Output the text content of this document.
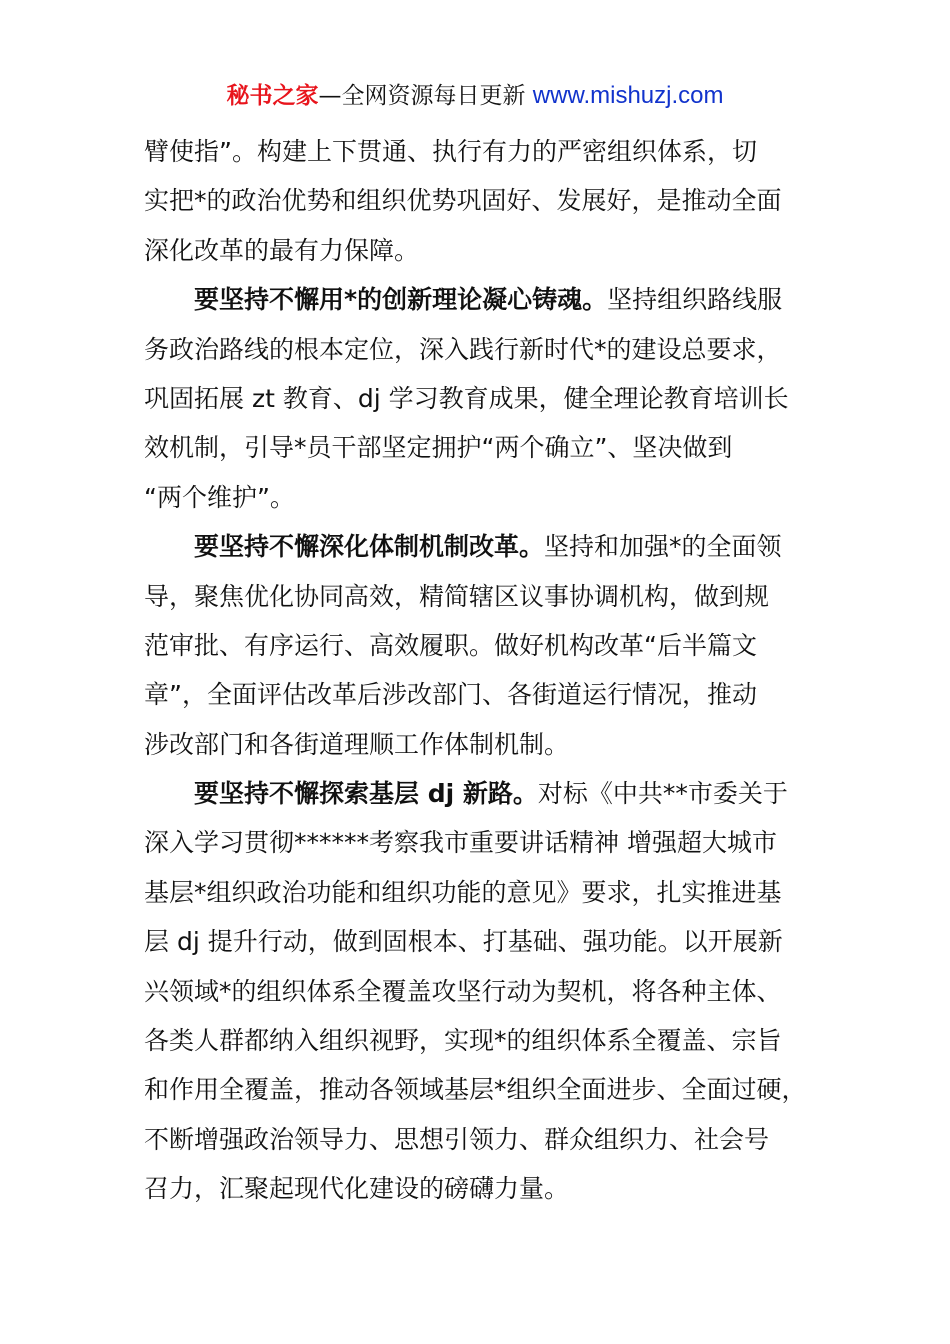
秘书之家—全网资源每日更新 www.mishuzj.com
臂使指”。构建上下贯通、执行有力的严密组织体系，切
实把*的政治优势和组织优势巩固好、发展好，是推动全面
深化改革的最有力保障。
要坚持不懈用*的创新理论凝心铸魂。坚持组织路线服
务政治路线的根本定位，深入践行新时代*的建设总要求，
巩固拓展 zt 教育、dj 学习教育成果，健全理论教育培训长
效机制，引导*员干部坚定拥护“两个确立”、坚决做到
“两个维护”。
要坚持不懈深化体制机制改革。坚持和加强*的全面领
导，聚焦优化协同高效，精简辖区议事协调机构，做到规
范审批、有序运行、高效履职。做好机构改革“后半篇文
章”，全面评估改革后涉改部门、各街道运行情况，推动
涉改部门和各街道理顺工作体制机制。
要坚持不懈探索基层 dj 新路。对标《中共**市委关于
深入学习贯彻******考察我市重要讲话精神 增强超大城市
基层*组织政治功能和组织功能的意见》要求，扎实推进基
层 dj 提升行动，做到固根本、打基础、强功能。以开展新
兴领域*的组织体系全覆盖攻坚行动为契机，将各种主体、
各类人群都纳入组织视野，实现*的组织体系全覆盖、宗旨
和作用全覆盖，推动各领域基层*组织全面进步、全面过硬，
不断增强政治领导力、思想引领力、群众组织力、社会号
召力，汇聚起现代化建设的磅礴力量。
